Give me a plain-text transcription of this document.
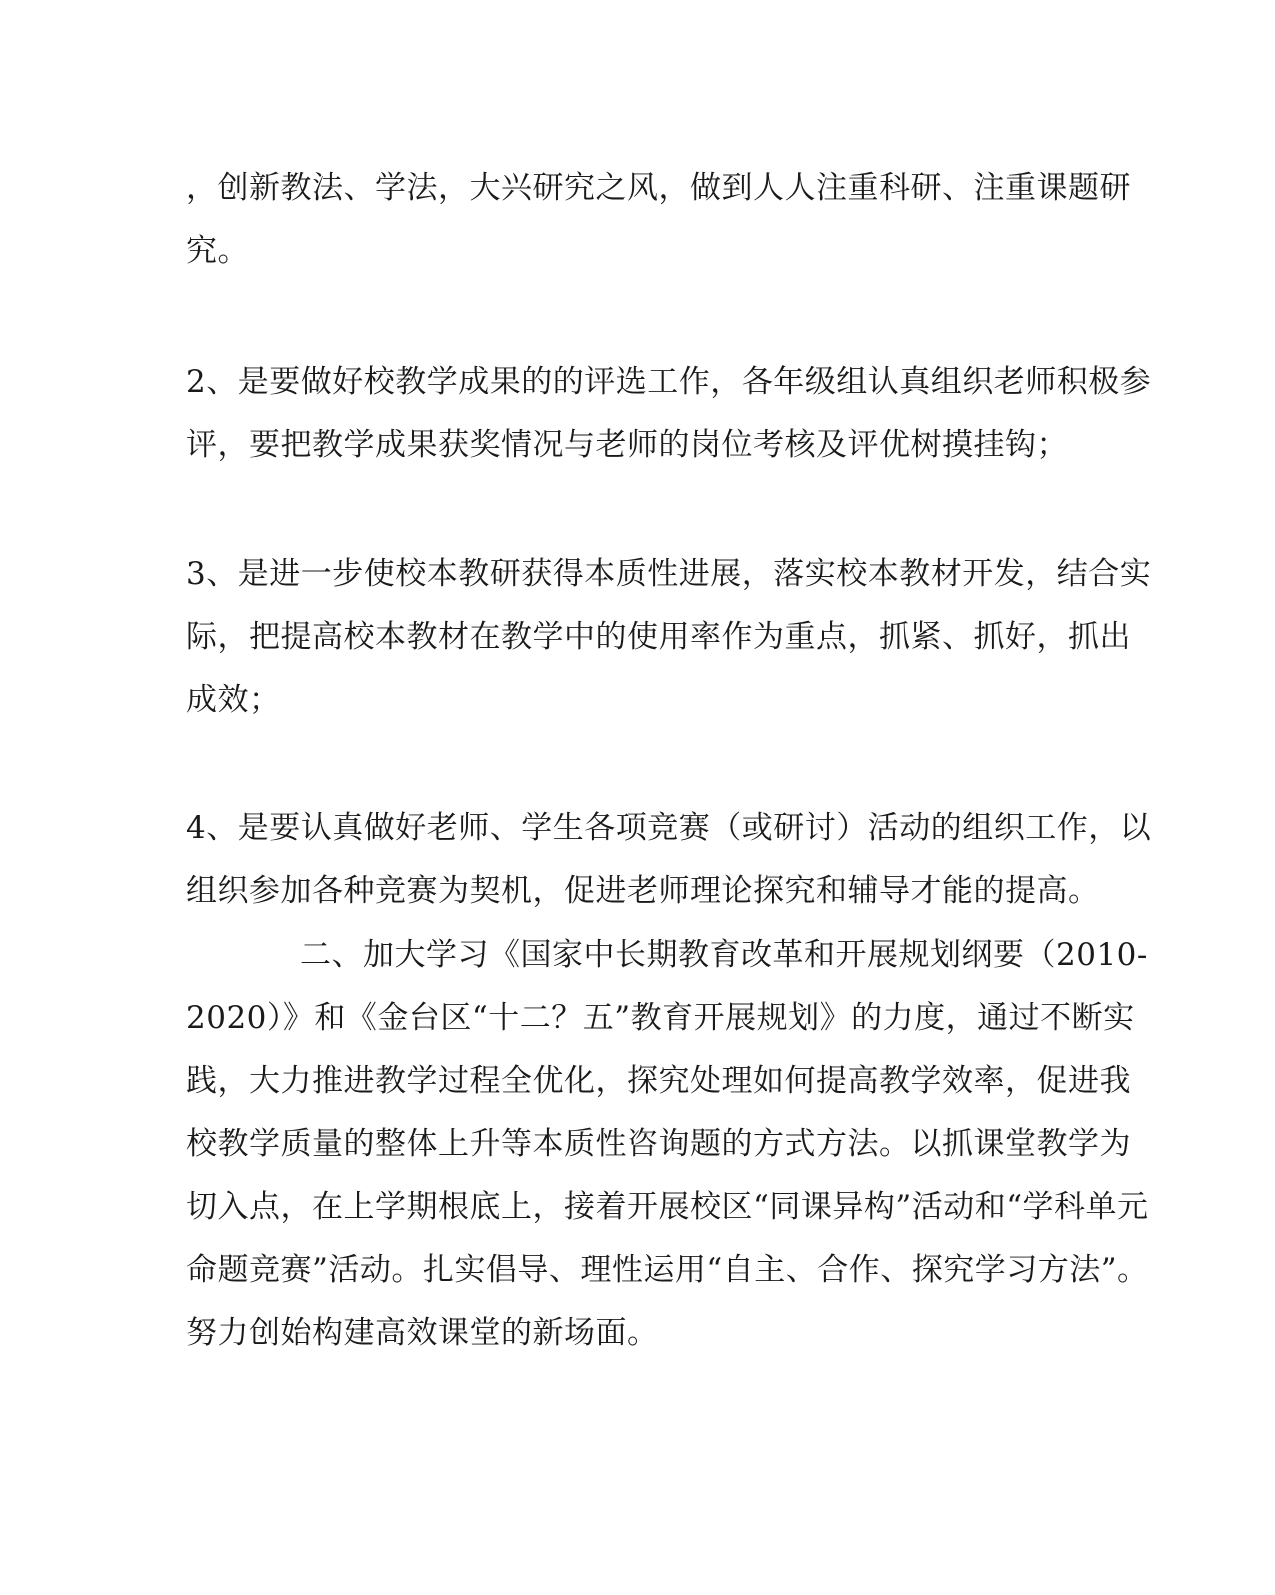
，创新教法、学法，大兴研究之风，做到人人注重科研、注重课题研
究。
2、是要做好校教学成果的的评选工作，各年级组认真组织老师积极参
评，要把教学成果获奖情况与老师的岗位考核及评优树摸挂钩；
3、是进一步使校本教研获得本质性进展，落实校本教材开发，结合实
际，把提高校本教材在教学中的使用率作为重点，抓紧、抓好，抓出
成效；
4、是要认真做好老师、学生各项竞赛（或研讨）活动的组织工作，以
组织参加各种竞赛为契机，促进老师理论探究和辅导才能的提高。
二、加大学习《国家中长期教育改革和开展规划纲要（2010-
2020）》和《金台区“十二？五”教育开展规划》的力度，通过不断实
践，大力推进教学过程全优化，探究处理如何提高教学效率，促进我
校教学质量的整体上升等本质性咨询题的方式方法。以抓课堂教学为
切入点，在上学期根底上，接着开展校区“同课异构”活动和“学科单元
命题竞赛”活动。扎实倡导、理性运用“自主、合作、探究学习方法”。
努力创始构建高效课堂的新场面。
